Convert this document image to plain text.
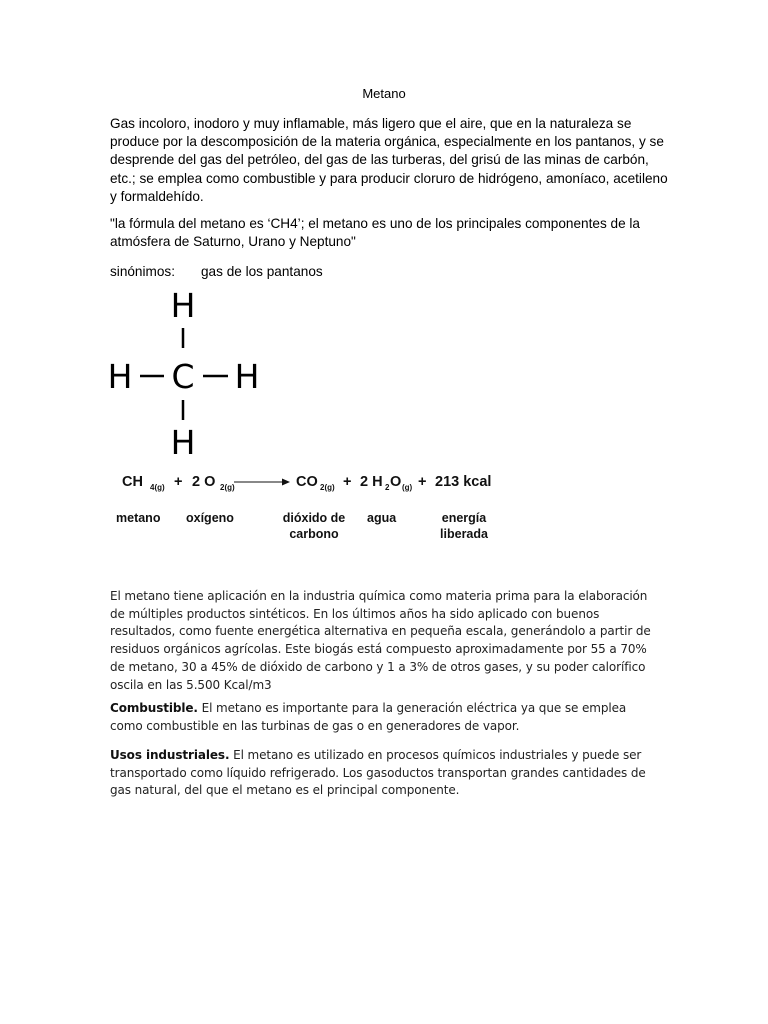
Metano

Gas incoloro, inodoro y muy inflamable, más ligero que el aire, que en la naturaleza se produce por la descomposición de la materia orgánica, especialmente en los pantanos, y se desprende del gas del petróleo, del gas de las turberas, del grisú de las minas de carbón, etc.; se emplea como combustible y para producir cloruro de hidrógeno, amoníaco, acetileno y formaldehído.

"la fórmula del metano es ‘CH4’; el metano es uno de los principales componentes de la atmósfera de Saturno, Urano y Neptuno"

sinónimos: gas de los pantanos
H
H C H
H
CH 4(g) + 2 O 2(g)	CO 2(g) + 2 H 2 O (g) + 213 kcal
metano oxígeno	dióxido de
carbono
agua	energía
liberada

El metano tiene aplicación en la industria química como materia prima para la elaboración de múltiples productos sintéticos. En los últimos años ha sido aplicado con buenos resultados, como fuente energética alternativa en pequeña escala, generándolo a partir de residuos orgánicos agrícolas. Este biogás está compuesto aproximadamente por 55 a 70% de metano, 30 a 45% de dióxido de carbono y 1 a 3% de otros gases, y su poder calorífico oscila en las 5.500 Kcal/m3

Combustible. El metano es importante para la generación eléctrica ya que se emplea como combustible en las turbinas de gas o en generadores de vapor.

Usos industriales. El metano es utilizado en procesos químicos industriales y puede ser transportado como líquido refrigerado. Los gasoductos transportan grandes cantidades de gas natural, del que el metano es el principal componente.
